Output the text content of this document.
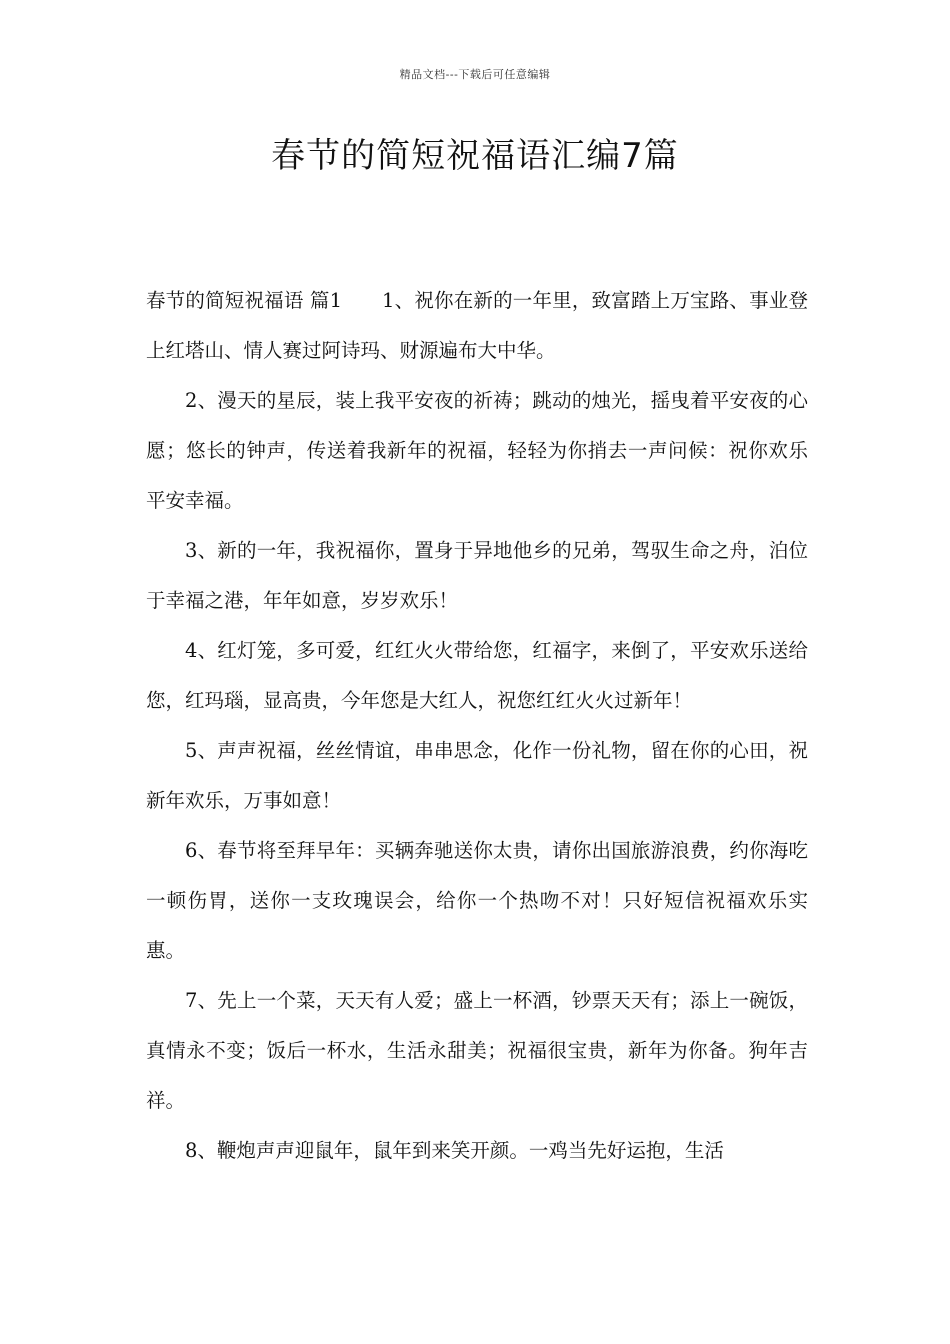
精品文档---下载后可任意编辑
春节的简短祝福语汇编7篇

春节的简短祝福语 篇1 1、祝你在新的一年里，致富踏上万宝路、事业登上红塔山、情人赛过阿诗玛、财源遍布大中华。

2、漫天的星辰，装上我平安夜的祈祷；跳动的烛光，摇曳着平安夜的心愿；悠长的钟声，传送着我新年的祝福，轻轻为你捎去一声问候：祝你欢乐平安幸福。

3、新的一年，我祝福你，置身于异地他乡的兄弟，驾驭生命之舟，泊位于幸福之港，年年如意，岁岁欢乐！

4、红灯笼，多可爱，红红火火带给您，红福字，来倒了，平安欢乐送给您，红玛瑙，显高贵，今年您是大红人，祝您红红火火过新年！

5、声声祝福，丝丝情谊，串串思念，化作一份礼物，留在你的心田，祝新年欢乐，万事如意！

6、春节将至拜早年：买辆奔驰送你太贵，请你出国旅游浪费，约你海吃一顿伤胃，送你一支玫瑰误会，给你一个热吻不对！只好短信祝福欢乐实惠。

7、先上一个菜，天天有人爱；盛上一杯酒，钞票天天有；添上一碗饭，真情永不变；饭后一杯水，生活永甜美；祝福很宝贵，新年为你备。狗年吉祥。

8、鞭炮声声迎鼠年，鼠年到来笑开颜。一鸡当先好运抱，生活
